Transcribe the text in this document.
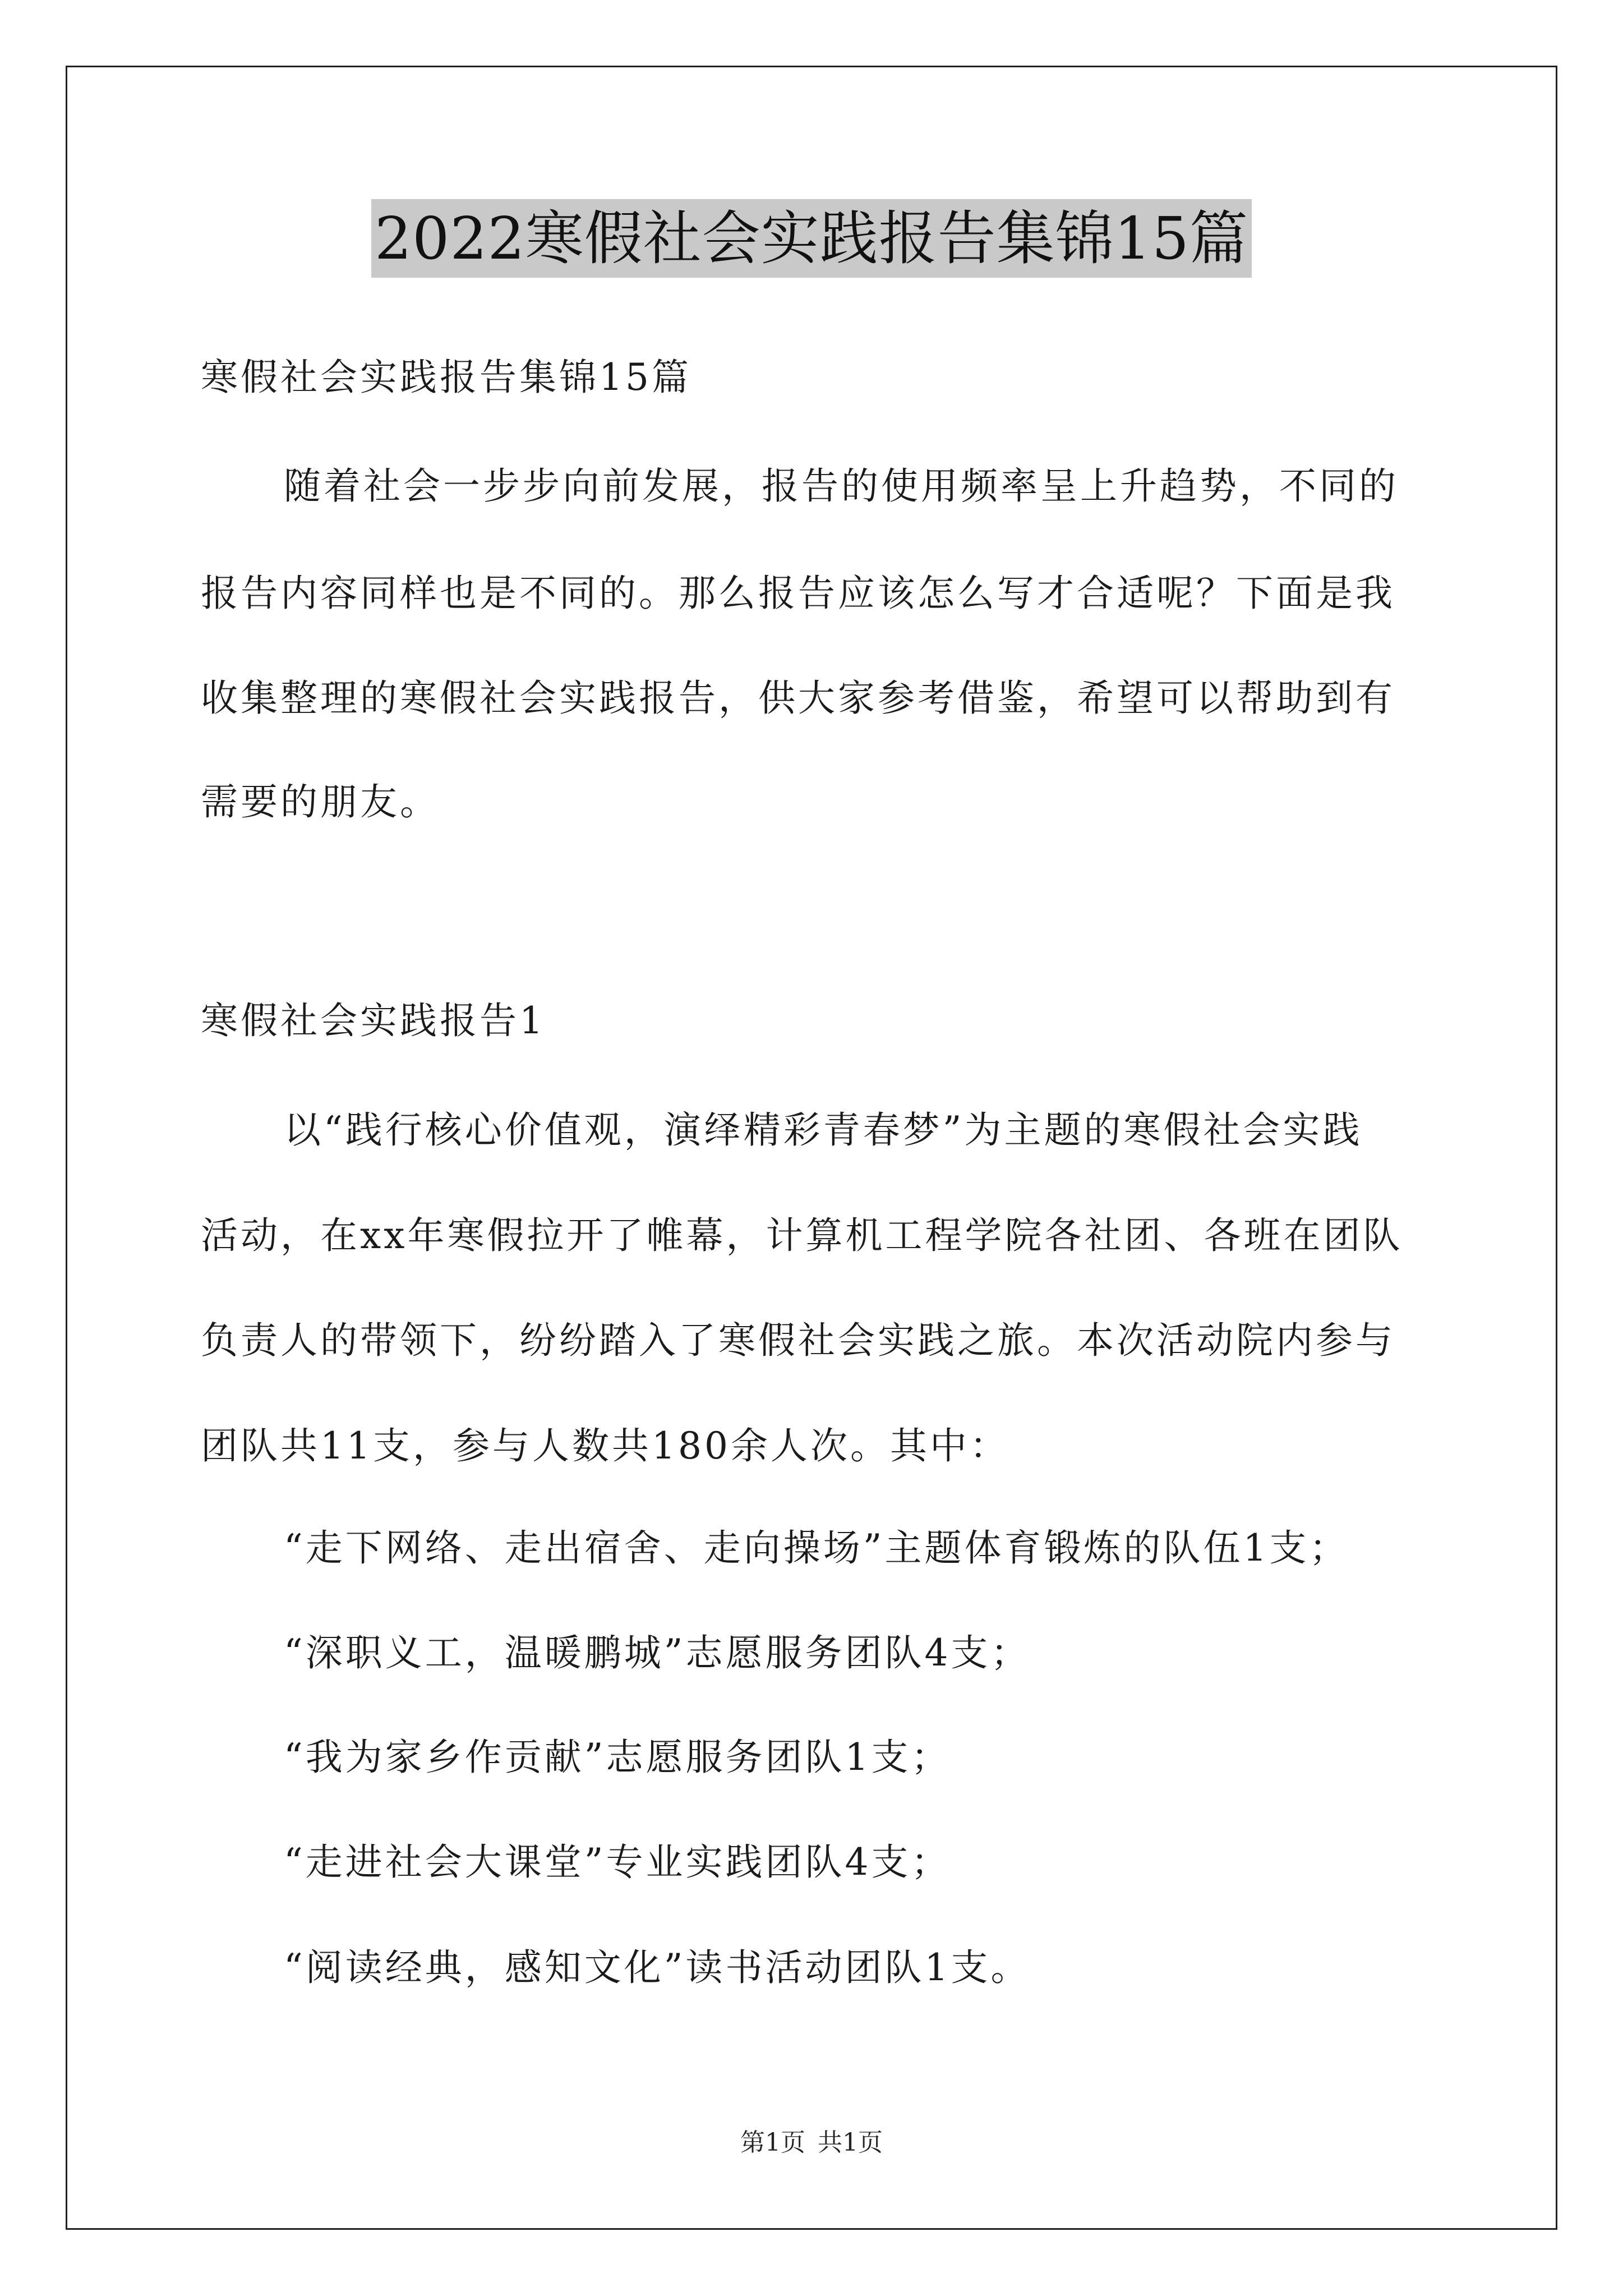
2022寒假社会实践报告集锦15篇
寒假社会实践报告集锦15篇
随着社会一步步向前发展，报告的使用频率呈上升趋势，不同的
报告内容同样也是不同的。那么报告应该怎么写才合适呢？下面是我
收集整理的寒假社会实践报告，供大家参考借鉴，希望可以帮助到有
需要的朋友。
寒假社会实践报告1
以“践行核心价值观，演绎精彩青春梦”为主题的寒假社会实践
活动，在xx年寒假拉开了帷幕，计算机工程学院各社团、各班在团队
负责人的带领下，纷纷踏入了寒假社会实践之旅。本次活动院内参与
团队共11支，参与人数共180余人次。其中：
“走下网络、走出宿舍、走向操场”主题体育锻炼的队伍1支；
“深职义工，温暖鹏城”志愿服务团队4支；
“我为家乡作贡献”志愿服务团队1支；
“走进社会大课堂”专业实践团队4支；
“阅读经典，感知文化”读书活动团队1支。
第1页 共1页
